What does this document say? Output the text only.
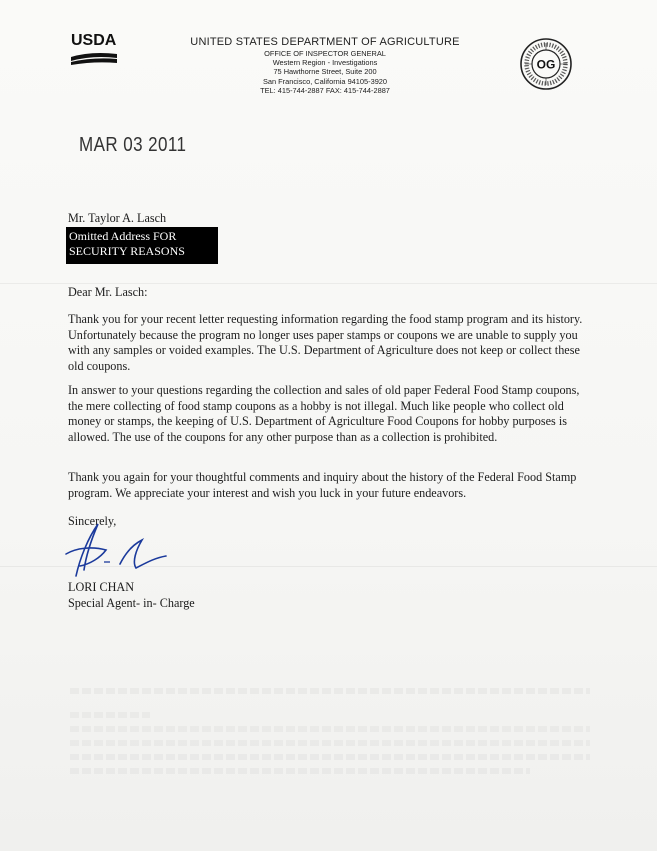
USDA	UNITED STATES DEPARTMENT OF AGRICULTURE
OFFICE OF INSPECTOR GENERAL
Western Region - Investigations
75 Hawthorne Street, Suite 200
San Francisco, California 94105-3920
TEL: 415-744-2887 FAX: 415-744-2887
OG
MAR 03 2011
Mr. Taylor A. Lasch
Omitted Address FOR
SECURITY REASONS
Dear Mr. Lasch:
Thank you for your recent letter requesting information regarding the food stamp program and its history. Unfortunately because the program no longer uses paper stamps or coupons we are unable to supply you with any samples or voided examples. The U.S. Department of Agriculture does not keep or collect these old coupons.
In answer to your questions regarding the collection and sales of old paper Federal Food Stamp coupons, the mere collecting of food stamp coupons as a hobby is not illegal. Much like people who collect old money or stamps, the keeping of U.S. Department of Agriculture Food Coupons for hobby purposes is allowed. The use of the coupons for any other purpose than as a collection is prohibited.
Thank you again for your thoughtful comments and inquiry about the history of the Federal Food Stamp program. We appreciate your interest and wish you luck in your future endeavors.
Sincerely,
LORI CHAN
Special Agent- in- Charge
